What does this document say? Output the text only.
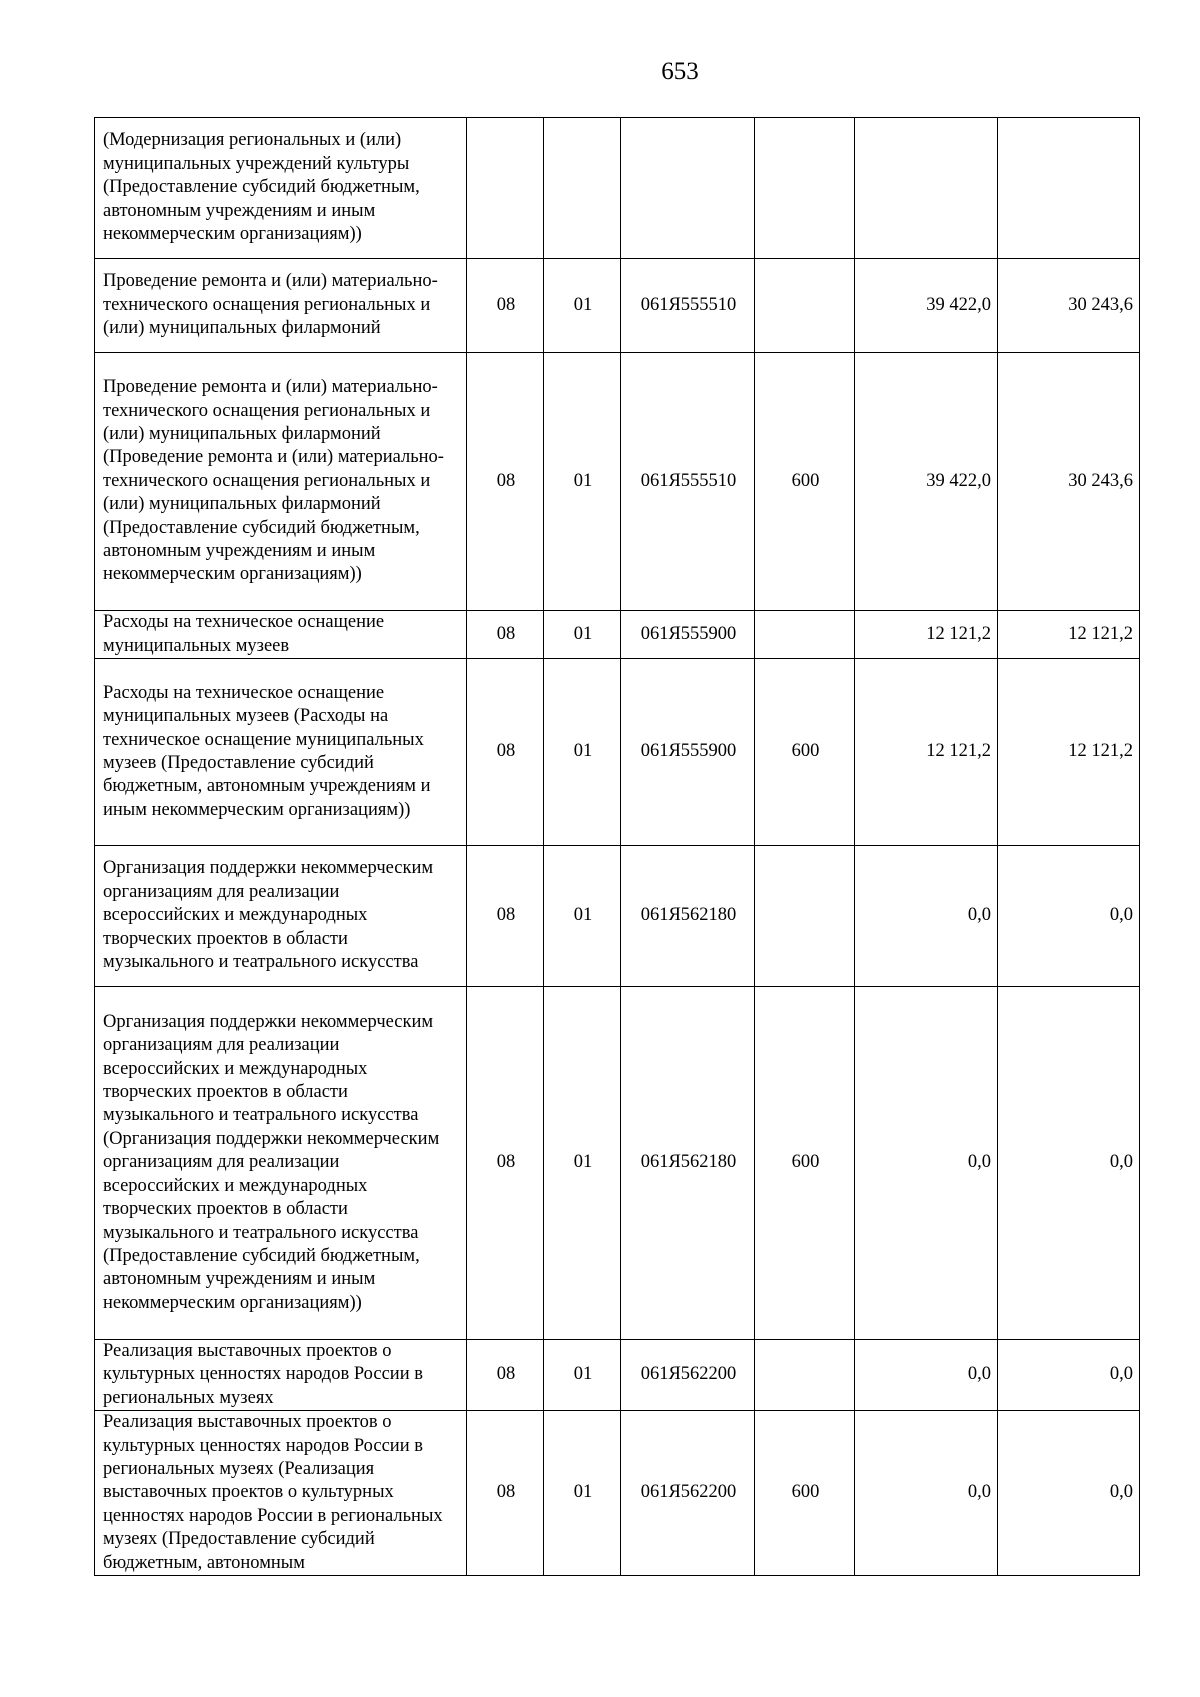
653
(Модернизация региональных и (или) муниципальных учреждений культуры (Предоставление субсидий бюджетным, автономным учреждениям и иным некоммерческим организациям))						
Проведение ремонта и (или) материально-технического оснащения региональных и (или) муниципальных филармоний	08	01	061Я555510		39 422,0	30 243,6
Проведение ремонта и (или) материально-технического оснащения региональных и (или) муниципальных филармоний (Проведение ремонта и (или) материально-технического оснащения региональных и (или) муниципальных филармоний (Предоставление субсидий бюджетным, автономным учреждениям и иным некоммерческим организациям))	08	01	061Я555510	600	39 422,0	30 243,6
Расходы на техническое оснащение муниципальных музеев	08	01	061Я555900		12 121,2	12 121,2
Расходы на техническое оснащение муниципальных музеев (Расходы на техническое оснащение муниципальных музеев (Предоставление субсидий бюджетным, автономным учреждениям и иным некоммерческим организациям))	08	01	061Я555900	600	12 121,2	12 121,2
Организация поддержки некоммерческим организациям для реализации всероссийских и международных творческих проектов в области музыкального и театрального искусства	08	01	061Я562180		0,0	0,0
Организация поддержки некоммерческим организациям для реализации всероссийских и международных творческих проектов в области музыкального и театрального искусства (Организация поддержки некоммерческим организациям для реализации всероссийских и международных творческих проектов в области музыкального и театрального искусства (Предоставление субсидий бюджетным, автономным учреждениям и иным некоммерческим организациям))	08	01	061Я562180	600	0,0	0,0
Реализация выставочных проектов о культурных ценностях народов России в региональных музеях	08	01	061Я562200		0,0	0,0
Реализация выставочных проектов о культурных ценностях народов России в региональных музеях (Реализация выставочных проектов о культурных ценностях народов России в региональных музеях (Предоставление субсидий бюджетным, автономным	08	01	061Я562200	600	0,0	0,0
